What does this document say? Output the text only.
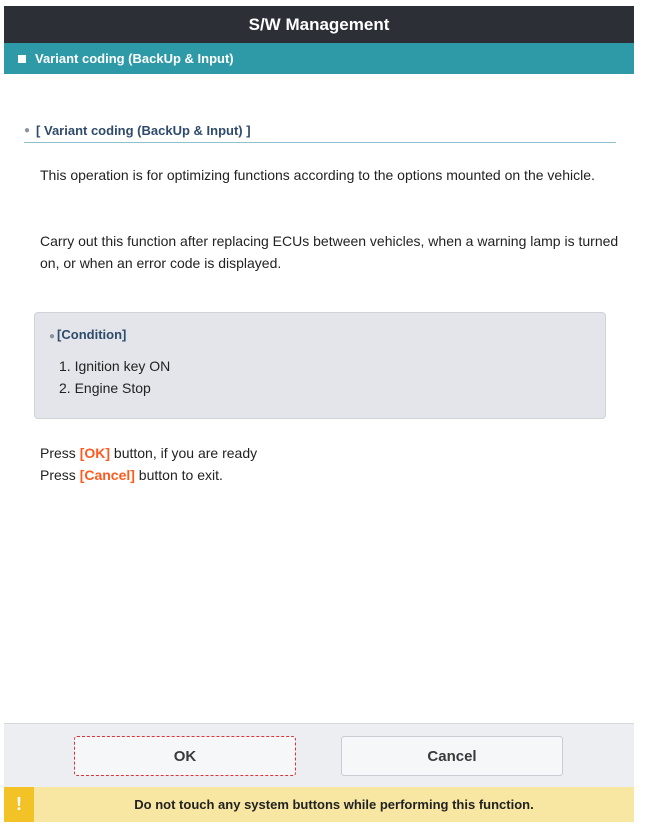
S/W Management
Variant coding (BackUp & Input)
● [ Variant coding (BackUp & Input) ]
This operation is for optimizing functions according to the options mounted on the vehicle.
Carry out this function after replacing ECUs between vehicles, when a warning lamp is turned on, or when an error code is displayed.
● [Condition]
1. Ignition key ON
2. Engine Stop
Press [OK] button, if you are ready
Press [Cancel] button to exit.
OK	Cancel
!	Do not touch any system buttons while performing this function.
